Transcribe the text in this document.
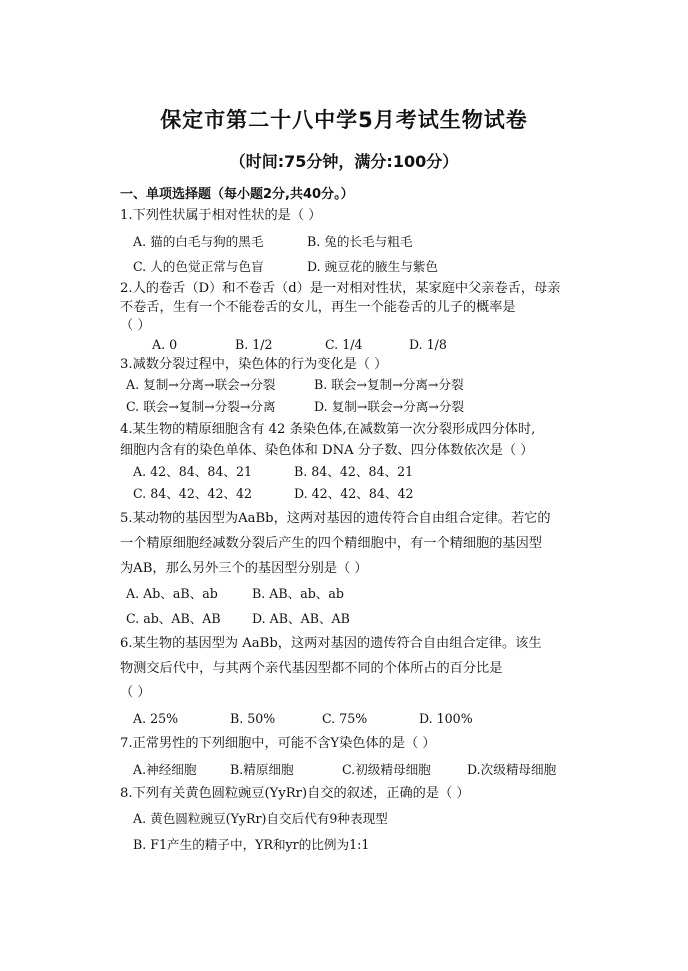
保定市第二十八中学5月考试生物试卷
（时间:75分钟，满分:100分）
一、单项选择题（每小题2分,共40分。）
1.下列性状属于相对性状的是（ ）
A. 猫的白毛与狗的黑毛	B. 兔的长毛与粗毛
C. 人的色觉正常与色盲	D. 豌豆花的腋生与紫色
2.人的卷舌（D）和不卷舌（d）是一对相对性状，某家庭中父亲卷舌，母亲
不卷舌，生有一个不能卷舌的女儿，再生一个能卷舌的儿子的概率是
（ ）
A. 0	B. 1/2	C. 1/4	D. 1/8
3.减数分裂过程中，染色体的行为变化是（ ）
A. 复制→分离→联会→分裂	B. 联会→复制→分离→分裂
C. 联会→复制→分裂→分离	D. 复制→联会→分离→分裂
4.某生物的精原细胞含有 42 条染色体,在减数第一次分裂形成四分体时,
细胞内含有的染色单体、染色体和 DNA 分子数、四分体数依次是（ ）
A. 42、84、84、21	B. 84、42、84、21
C. 84、42、42、42	D. 42、42、84、42
5.某动物的基因型为AaBb，这两对基因的遗传符合自由组合定律。若它的
一个精原细胞经减数分裂后产生的四个精细胞中，有一个精细胞的基因型
为AB，那么另外三个的基因型分别是（ ）
A. Ab、aB、ab	B. AB、ab、ab
C. ab、AB、AB D. AB、AB、AB
6.某生物的基因型为 AaBb，这两对基因的遗传符合自由组合定律。该生
物测交后代中，与其两个亲代基因型都不同的个体所占的百分比是
（ ）
A. 25%	B. 50%	C. 75%	D. 100%
7.正常男性的下列细胞中，可能不含Y染色体的是（ ）
A.神经细胞	B.精原细胞	C.初级精母细胞	D.次级精母细胞
8.下列有关黄色圆粒豌豆(YyRr)自交的叙述，正确的是（ ）
A. 黄色圆粒豌豆(YyRr)自交后代有9种表现型
B. F1产生的精子中，YR和yr的比例为1:1
